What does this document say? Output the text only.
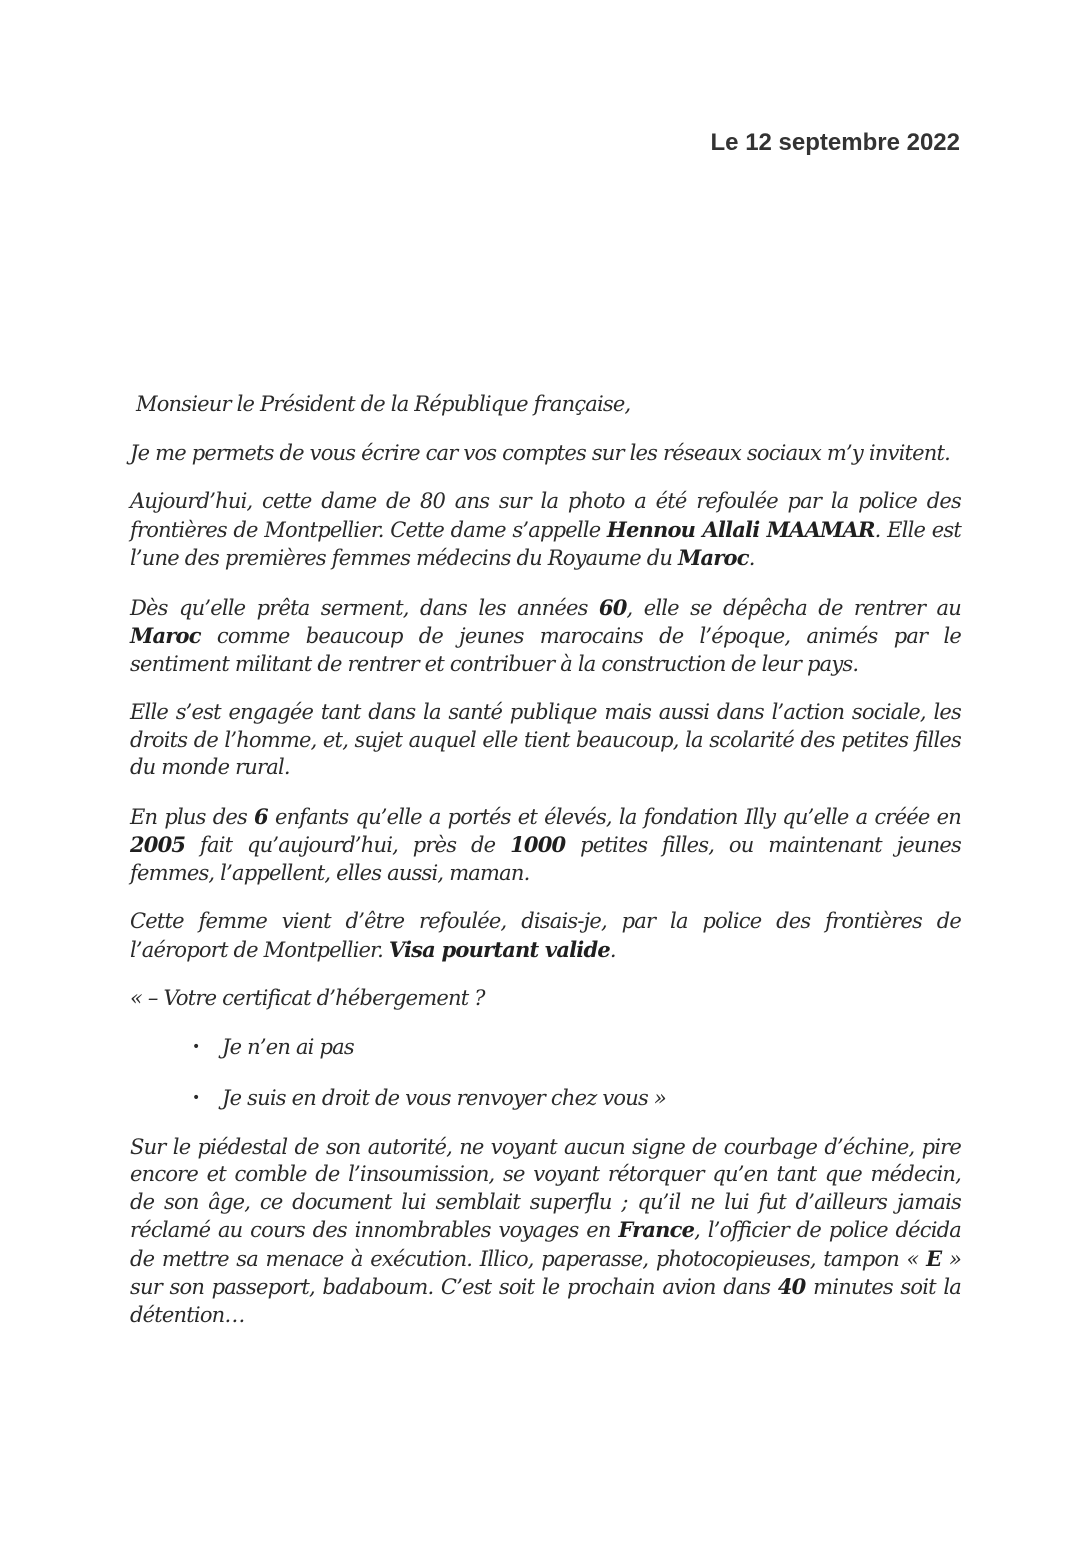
Le 12 septembre 2022

Monsieur le Président de la République française,

Je me permets de vous écrire car vos comptes sur les réseaux sociaux m’y invitent.

Aujourd’hui, cette dame de 80 ans sur la photo a été refoulée par la police des frontières de Montpellier. Cette dame s’appelle Hennou Allali MAAMAR. Elle est l’une des premières femmes médecins du Royaume du Maroc.

Dès qu’elle prêta serment, dans les années 60, elle se dépêcha de rentrer au Maroc comme beaucoup de jeunes marocains de l’époque, animés par le sentiment militant de rentrer et contribuer à la construction de leur pays.

Elle s’est engagée tant dans la santé publique mais aussi dans l’action sociale, les droits de l’homme, et, sujet auquel elle tient beaucoup, la scolarité des petites filles du monde rural.

En plus des 6 enfants qu’elle a portés et élevés, la fondation Illy qu’elle a créée en 2005 fait qu’aujourd’hui, près de 1000 petites filles, ou maintenant jeunes femmes, l’appellent, elles aussi, maman.

Cette femme vient d’être refoulée, disais-je, par la police des frontières de l’aéroport de Montpellier. Visa pourtant valide.

« – Votre certificat d’hébergement ?

• Je n’en ai pas
• Je suis en droit de vous renvoyer chez vous »

Sur le piédestal de son autorité, ne voyant aucun signe de courbage d’échine, pire encore et comble de l’insoumission, se voyant rétorquer qu’en tant que médecin, de son âge, ce document lui semblait superflu ; qu’il ne lui fut d’ailleurs jamais réclamé au cours des innombrables voyages en France, l’officier de police décida de mettre sa menace à exécution. Illico, paperasse, photocopieuses, tampon « E » sur son passeport, badaboum. C’est soit le prochain avion dans 40 minutes soit la détention…
